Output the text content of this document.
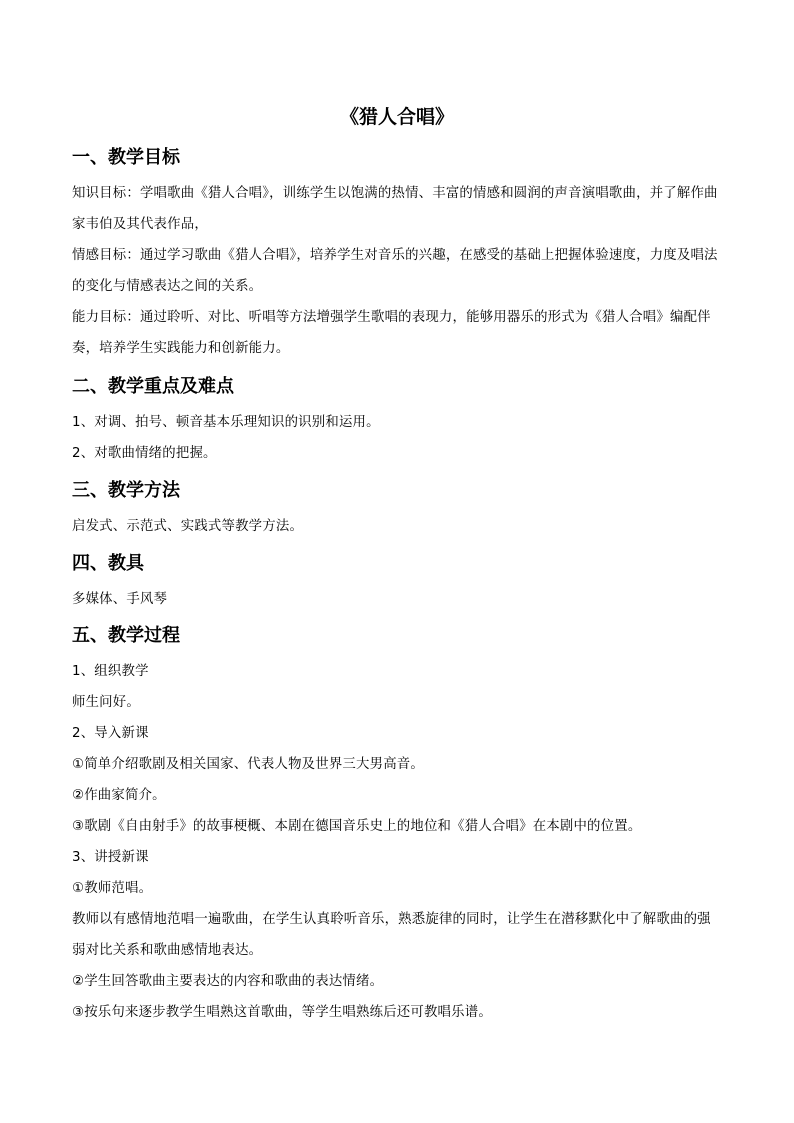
《猎人合唱》
一、教学目标
知识目标：学唱歌曲《猎人合唱》，训练学生以饱满的热情、丰富的情感和圆润的声音演唱歌曲，并了解作曲家韦伯及其代表作品，
情感目标：通过学习歌曲《猎人合唱》，培养学生对音乐的兴趣，在感受的基础上把握体验速度，力度及唱法的变化与情感表达之间的关系。
能力目标：通过聆听、对比、听唱等方法增强学生歌唱的表现力，能够用器乐的形式为《猎人合唱》编配伴奏，培养学生实践能力和创新能力。
二、教学重点及难点
1、对调、拍号、顿音基本乐理知识的识别和运用。
2、对歌曲情绪的把握。
三、教学方法
启发式、示范式、实践式等教学方法。
四、教具
多媒体、手风琴
五、教学过程
1、组织教学
师生问好。
2、导入新课
①简单介绍歌剧及相关国家、代表人物及世界三大男高音。
②作曲家简介。
③歌剧《自由射手》的故事梗概、本剧在德国音乐史上的地位和《猎人合唱》在本剧中的位置。
3、讲授新课
①教师范唱。
教师以有感情地范唱一遍歌曲，在学生认真聆听音乐，熟悉旋律的同时，让学生在潜移默化中了解歌曲的强弱对比关系和歌曲感情地表达。
②学生回答歌曲主要表达的内容和歌曲的表达情绪。
③按乐句来逐步教学生唱熟这首歌曲，等学生唱熟练后还可教唱乐谱。
